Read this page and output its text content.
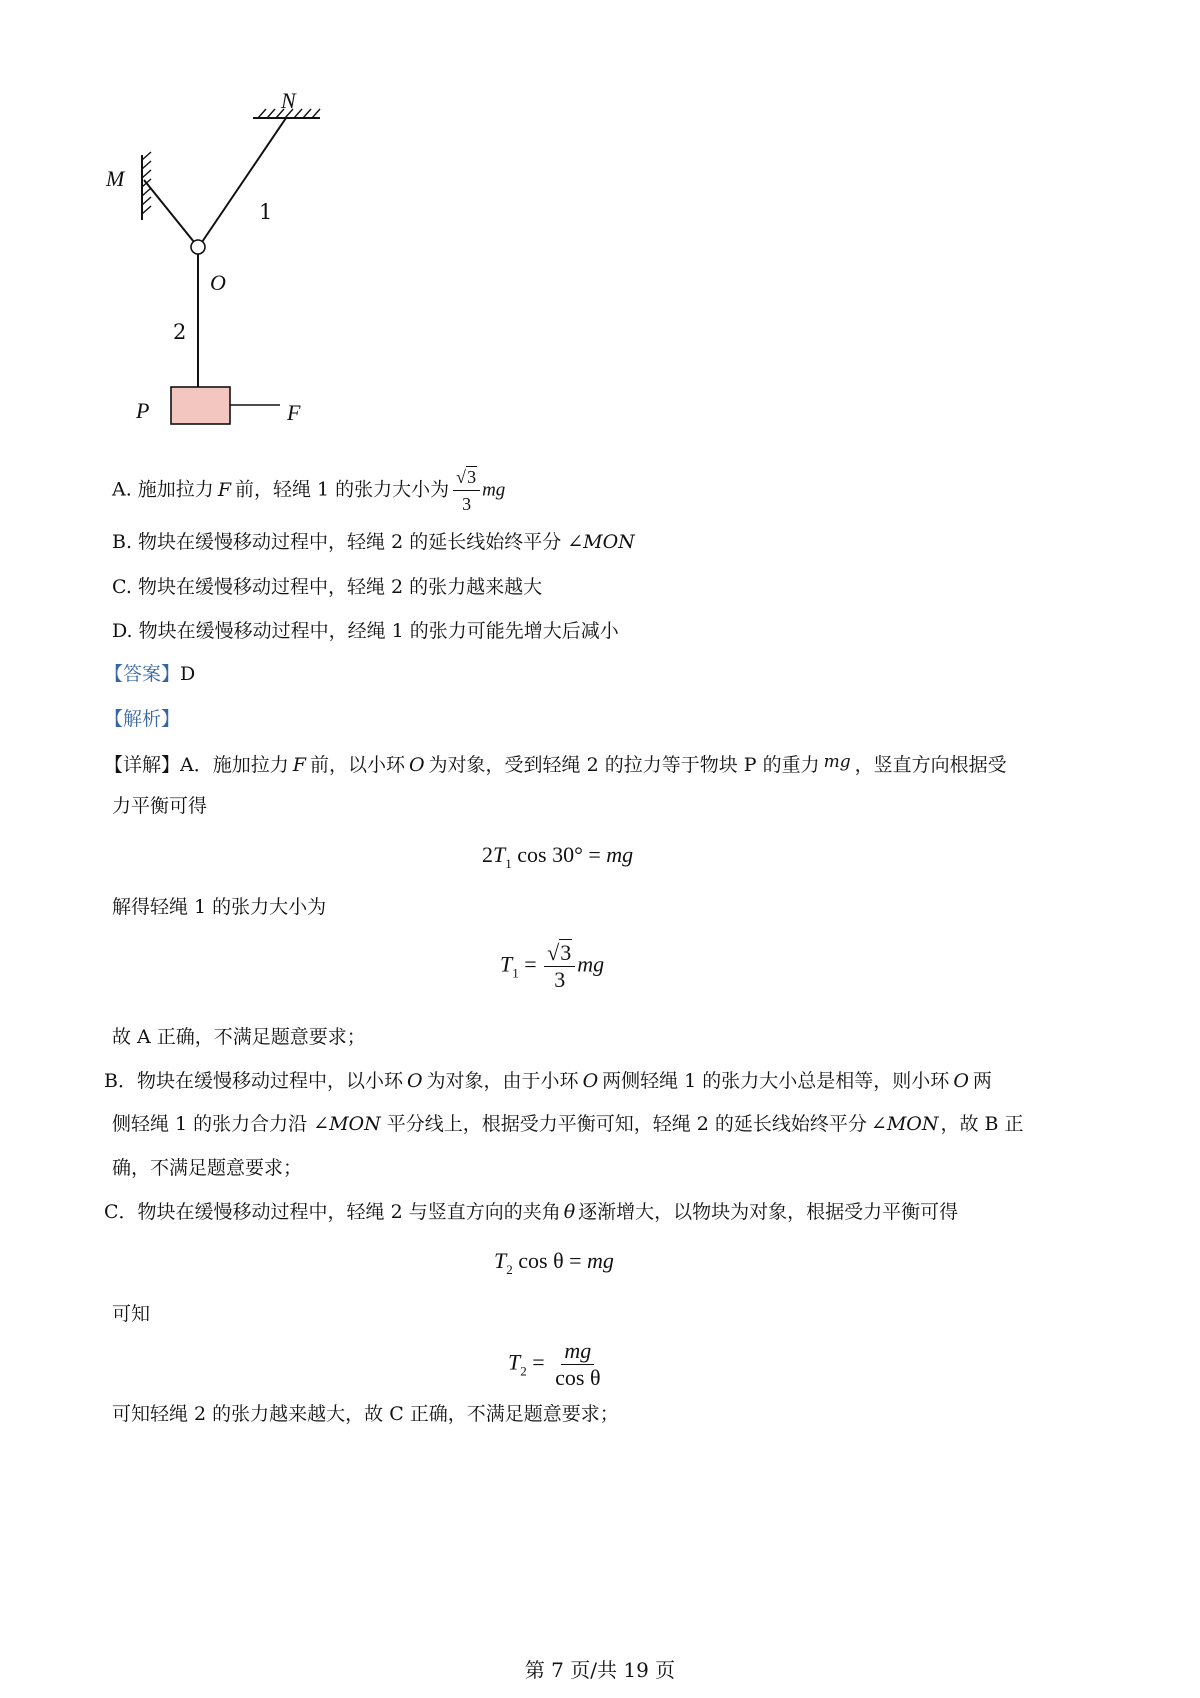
N
M
1
O
2
P	F
A. 施加拉力 F 前，轻绳 1 的张力大小为 $\frac{√3}{3}$ mg
B. 物块在缓慢移动过程中，轻绳 2 的延长线始终平分 ∠MON
C. 物块在缓慢移动过程中，轻绳 2 的张力越来越大
D. 物块在缓慢移动过程中，经绳 1 的张力可能先增大后减小
【答案】D
【解析】
【详解】A．施加拉力 F 前，以小环 O 为对象，受到轻绳 2 的拉力等于物块 P 的重力 mg ，竖直方向根据受
力平衡可得
$2T_1$ cos 30° = mg
解得轻绳 1 的张力大小为
$T_1 = \frac{√3}{3}$ mg
故 A 正确，不满足题意要求；
B．物块在缓慢移动过程中，以小环 O 为对象，由于小环 O 两侧轻绳 1 的张力大小总是相等，则小环 O 两
侧轻绳 1 的张力合力沿 ∠MON 平分线上，根据受力平衡可知，轻绳 2 的延长线始终平分 ∠MON ，故 B 正
确，不满足题意要求；
C．物块在缓慢移动过程中，轻绳 2 与竖直方向的夹角 θ 逐渐增大，以物块为对象，根据受力平衡可得
$T_2$ cos θ = mg
可知
$T_2 = \frac{mg}{\text{cos θ}}$
可知轻绳 2 的张力越来越大，故 C 正确，不满足题意要求；
第 7 页/共 19 页
